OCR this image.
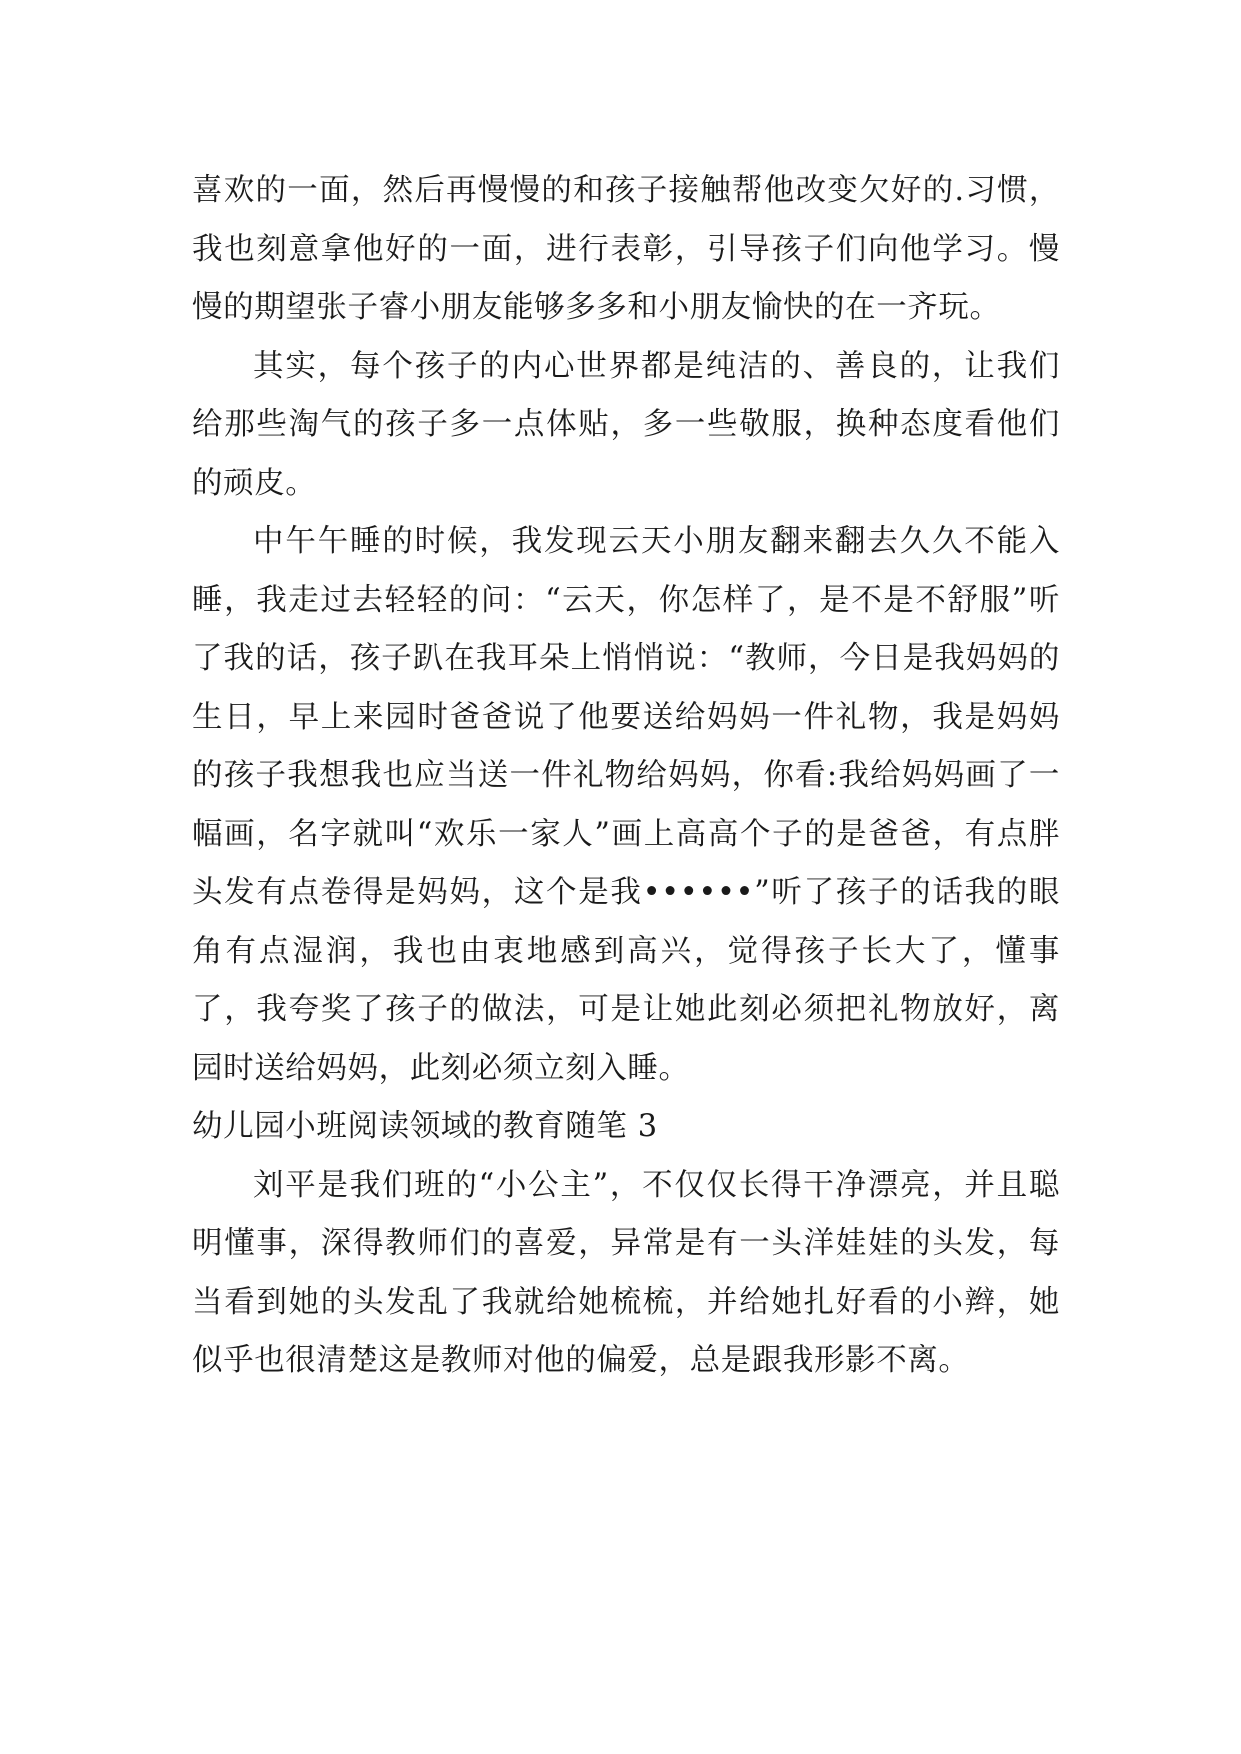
喜欢的一面，然后再慢慢的和孩子接触帮他改变欠好的.习惯，我也刻意拿他好的一面，进行表彰，引导孩子们向他学习。慢慢的期望张子睿小朋友能够多多和小朋友愉快的在一齐玩。

其实，每个孩子的内心世界都是纯洁的、善良的，让我们给那些淘气的孩子多一点体贴，多一些敬服，换种态度看他们的顽皮。

中午午睡的时候，我发现云天小朋友翻来翻去久久不能入睡，我走过去轻轻的问：“云天，你怎样了，是不是不舒服”听了我的话，孩子趴在我耳朵上悄悄说：“教师，今日是我妈妈的生日，早上来园时爸爸说了他要送给妈妈一件礼物，我是妈妈的孩子我想我也应当送一件礼物给妈妈，你看:我给妈妈画了一幅画，名字就叫“欢乐一家人”画上高高个子的是爸爸，有点胖头发有点卷得是妈妈，这个是我••••••”听了孩子的话我的眼角有点湿润，我也由衷地感到高兴，觉得孩子长大了，懂事了，我夸奖了孩子的做法，可是让她此刻必须把礼物放好，离园时送给妈妈，此刻必须立刻入睡。

幼儿园小班阅读领域的教育随笔 3

刘平是我们班的“小公主”，不仅仅长得干净漂亮，并且聪明懂事，深得教师们的喜爱，异常是有一头洋娃娃的头发，每当看到她的头发乱了我就给她梳梳，并给她扎好看的小辫，她似乎也很清楚这是教师对他的偏爱，总是跟我形影不离。
